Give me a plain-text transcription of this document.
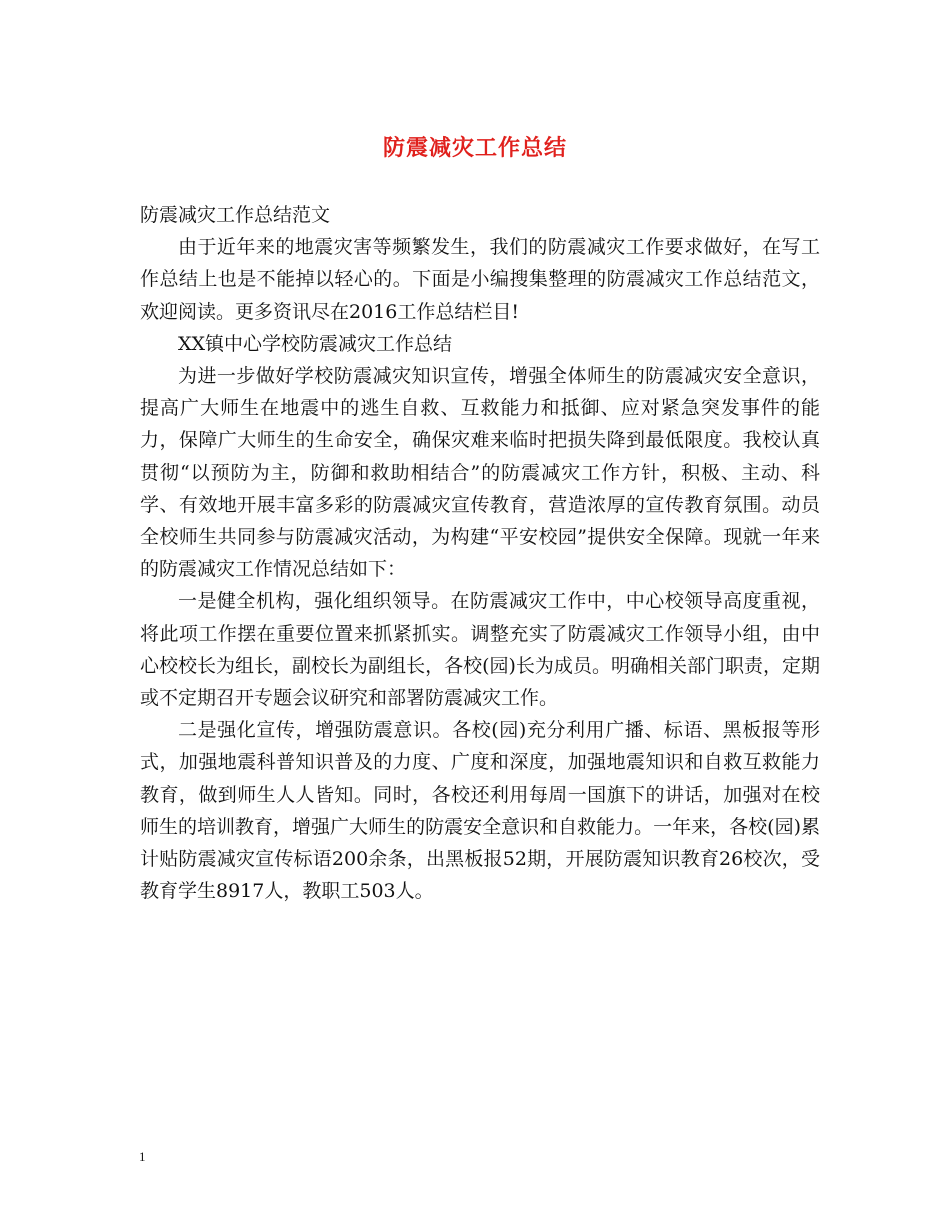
防震减灾工作总结

防震减灾工作总结范文

由于近年来的地震灾害等频繁发生，我们的防震减灾工作要求做好，在写工作总结上也是不能掉以轻心的。下面是小编搜集整理的防震减灾工作总结范文，欢迎阅读。更多资讯尽在2016工作总结栏目!

XX镇中心学校防震减灾工作总结

为进一步做好学校防震减灾知识宣传，增强全体师生的防震减灾安全意识，提高广大师生在地震中的逃生自救、互救能力和抵御、应对紧急突发事件的能力，保障广大师生的生命安全，确保灾难来临时把损失降到最低限度。我校认真贯彻“以预防为主，防御和救助相结合”的防震减灾工作方针，积极、主动、科学、有效地开展丰富多彩的防震减灾宣传教育，营造浓厚的宣传教育氛围。动员全校师生共同参与防震减灾活动，为构建“平安校园”提供安全保障。现就一年来的防震减灾工作情况总结如下：

一是健全机构，强化组织领导。在防震减灾工作中，中心校领导高度重视，将此项工作摆在重要位置来抓紧抓实。调整充实了防震减灾工作领导小组，由中心校校长为组长，副校长为副组长，各校(园)长为成员。明确相关部门职责，定期或不定期召开专题会议研究和部署防震减灾工作。

二是强化宣传，增强防震意识。各校(园)充分利用广播、标语、黑板报等形式，加强地震科普知识普及的力度、广度和深度，加强地震知识和自救互救能力教育，做到师生人人皆知。同时，各校还利用每周一国旗下的讲话，加强对在校师生的培训教育，增强广大师生的防震安全意识和自救能力。一年来，各校(园)累计贴防震减灾宣传标语200余条，出黑板报52期，开展防震知识教育26校次，受教育学生8917人，教职工503人。

1
